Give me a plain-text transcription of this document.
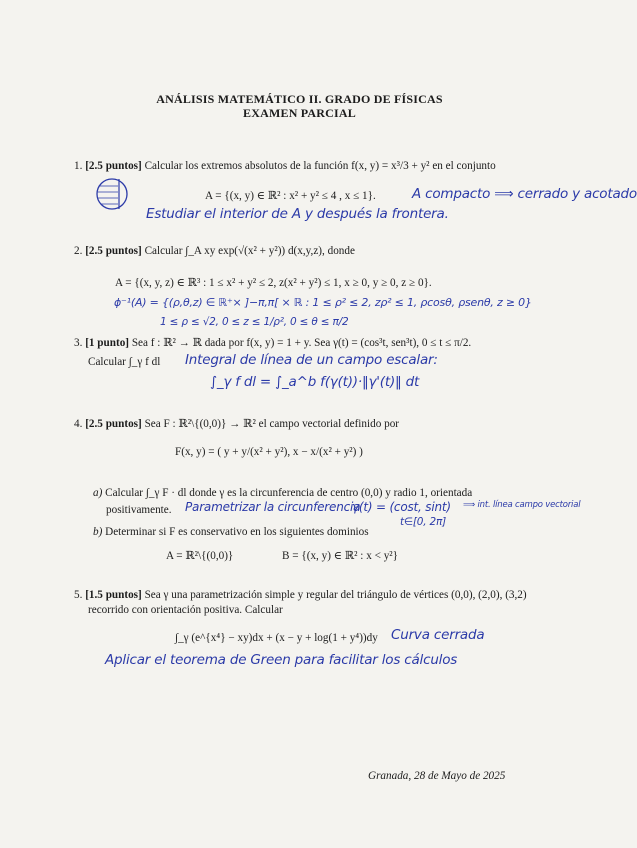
ANÁLISIS MATEMÁTICO II. GRADO DE FÍSICAS
EXAMEN PARCIAL
1. [2.5 puntos] Calcular los extremos absolutos de la función f(x, y) = x³/3 + y² en el conjunto
A = {(x, y) ∈ ℝ² : x² + y² ≤ 4 , x ≤ 1}.	A compacto ⟹ cerrado y acotado
Estudiar el interior de A y después la frontera.
2. [2.5 puntos] Calcular ∫_A xy exp(√(x² + y²)) d(x,y,z), donde
A = {(x, y, z) ∈ ℝ³ : 1 ≤ x² + y² ≤ 2, z(x² + y²) ≤ 1, x ≥ 0, y ≥ 0, z ≥ 0}.
ϕ⁻¹(A) = {(ρ,θ,z) ∈ ℝ⁺× ]−π,π[ × ℝ : 1 ≤ ρ² ≤ 2, zρ² ≤ 1, ρcosθ, ρsenθ, z ≥ 0}
1 ≤ ρ ≤ √2, 0 ≤ z ≤ 1/ρ², 0 ≤ θ ≤ π/2
3. [1 punto] Sea f : ℝ² → ℝ dada por f(x, y) = 1 + y. Sea γ(t) = (cos³t, sen³t), 0 ≤ t ≤ π/2.
Calcular ∫_γ f dl Integral de línea de un campo escalar:
∫_γ f dl = ∫_a^b f(γ(t))·‖γ'(t)‖ dt
4. [2.5 puntos] Sea F : ℝ²\{(0,0)} → ℝ² el campo vectorial definido por
F(x, y) = ( y + y/(x² + y²), x − x/(x² + y²) )
a) Calcular ∫_γ F · dl donde γ es la circunferencia de centro (0,0) y radio 1, orientada
positivamente. Parametrizar la circunferencia
γ(t) = (cost, sint)
t∈[0, 2π]
⟹ int. línea campo vectorial
b) Determinar si F es conservativo en los siguientes dominios
A = ℝ²\{(0,0)}	B = {(x, y) ∈ ℝ² : x < y²}
5. [1.5 puntos] Sea γ una parametrización simple y regular del triángulo de vértices (0,0), (2,0), (3,2)
recorrido con orientación positiva. Calcular
∫_γ (e^{x⁴} − xy)dx + (x − y + log(1 + y⁴))dy Curva cerrada
Aplicar el teorema de Green para facilitar los cálculos
Granada, 28 de Mayo de 2025
